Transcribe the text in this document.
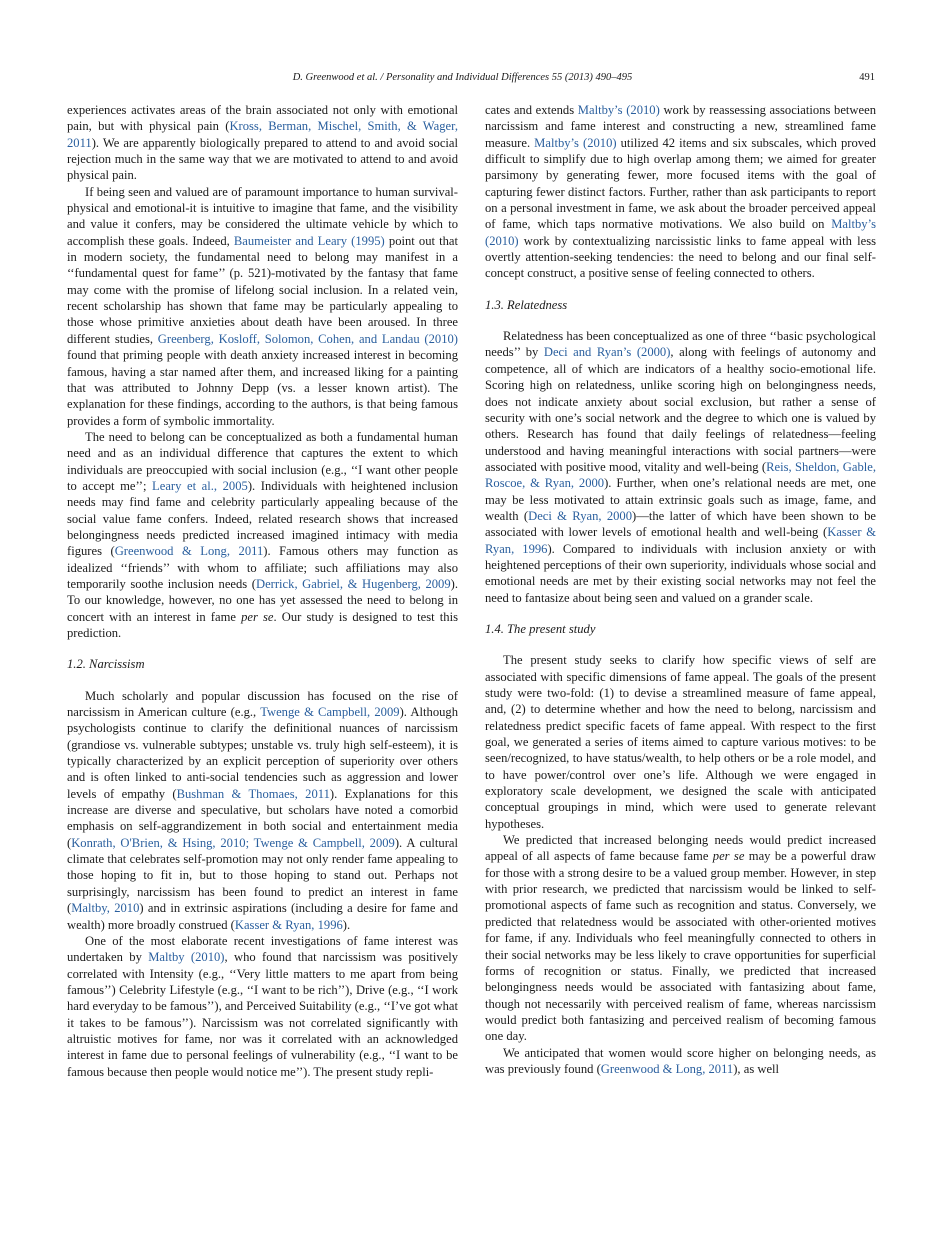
D. Greenwood et al. / Personality and Individual Differences 55 (2013) 490–495	491

experiences activates areas of the brain associated not only with emotional pain, but with physical pain (Kross, Berman, Mischel, Smith, & Wager, 2011). We are apparently biologically prepared to attend to and avoid social rejection much in the same way that we are motivated to attend to and avoid physical pain.

If being seen and valued are of paramount importance to human survival-physical and emotional-it is intuitive to imagine that fame, and the visibility and value it confers, may be considered the ultimate vehicle by which to accomplish these goals. Indeed, Baumeister and Leary (1995) point out that in modern society, the fundamental need to belong may manifest in a ‘‘fundamental quest for fame’’ (p. 521)-motivated by the fantasy that fame may come with the promise of lifelong social inclusion. In a related vein, recent scholarship has shown that fame may be particularly appealing to those whose primitive anxieties about death have been aroused. In three different studies, Greenberg, Kosloff, Solomon, Cohen, and Landau (2010) found that priming people with death anxiety increased interest in becoming famous, having a star named after them, and increased liking for a painting that was attributed to Johnny Depp (vs. a lesser known artist). The explanation for these findings, according to the authors, is that being famous provides a form of symbolic immortality.

The need to belong can be conceptualized as both a fundamental human need and as an individual difference that captures the extent to which individuals are preoccupied with social inclusion (e.g., ‘‘I want other people to accept me’’; Leary et al., 2005). Individuals with heightened inclusion needs may find fame and celebrity particularly appealing because of the social value fame confers. Indeed, related research shows that increased belongingness needs predicted increased imagined intimacy with media figures (Greenwood & Long, 2011). Famous others may function as idealized ‘‘friends’’ with whom to affiliate; such affiliations may also temporarily soothe inclusion needs (Derrick, Gabriel, & Hugenberg, 2009). To our knowledge, however, no one has yet assessed the need to belong in concert with an interest in fame per se. Our study is designed to test this prediction.

1.2. Narcissism

Much scholarly and popular discussion has focused on the rise of narcissism in American culture (e.g., Twenge & Campbell, 2009). Although psychologists continue to clarify the definitional nuances of narcissism (grandiose vs. vulnerable subtypes; unstable vs. truly high self-esteem), it is typically characterized by an explicit perception of superiority over others and is often linked to anti-social tendencies such as aggression and lower levels of empathy (Bushman & Thomaes, 2011). Explanations for this increase are diverse and speculative, but scholars have noted a comorbid emphasis on self-aggrandizement in both social and entertainment media (Konrath, O'Brien, & Hsing, 2010; Twenge & Campbell, 2009). A cultural climate that celebrates self-promotion may not only render fame appealing to those hoping to fit in, but to those hoping to stand out. Perhaps not surprisingly, narcissism has been found to predict an interest in fame (Maltby, 2010) and in extrinsic aspirations (including a desire for fame and wealth) more broadly construed (Kasser & Ryan, 1996).

One of the most elaborate recent investigations of fame interest was undertaken by Maltby (2010), who found that narcissism was positively correlated with Intensity (e.g., ‘‘Very little matters to me apart from being famous’’) Celebrity Lifestyle (e.g., ‘‘I want to be rich’’), Drive (e.g., ‘‘I work hard everyday to be famous’’), and Perceived Suitability (e.g., ‘‘I’ve got what it takes to be famous’’). Narcissism was not correlated significantly with altruistic motives for fame, nor was it correlated with an acknowledged interest in fame due to personal feelings of vulnerability (e.g., ‘‘I want to be famous because then people would notice me’’). The present study repli-

cates and extends Maltby’s (2010) work by reassessing associations between narcissism and fame interest and constructing a new, streamlined fame measure. Maltby’s (2010) utilized 42 items and six subscales, which proved difficult to simplify due to high overlap among them; we aimed for greater parsimony by generating fewer, more focused items with the goal of capturing fewer distinct factors. Further, rather than ask participants to report on a personal investment in fame, we ask about the broader perceived appeal of fame, which taps normative motivations. We also build on Maltby’s (2010) work by contextualizing narcissistic links to fame appeal with less overtly attention-seeking tendencies: the need to belong and our final self-concept construct, a positive sense of feeling connected to others.

1.3. Relatedness

Relatedness has been conceptualized as one of three ‘‘basic psychological needs’’ by Deci and Ryan’s (2000), along with feelings of autonomy and competence, all of which are indicators of a healthy socio-emotional life. Scoring high on relatedness, unlike scoring high on belongingness needs, does not indicate anxiety about social exclusion, but rather a sense of security with one’s social network and the degree to which one is valued by others. Research has found that daily feelings of relatedness—feeling understood and having meaningful interactions with social partners—were associated with positive mood, vitality and well-being (Reis, Sheldon, Gable, Roscoe, & Ryan, 2000). Further, when one’s relational needs are met, one may be less motivated to attain extrinsic goals such as image, fame, and wealth (Deci & Ryan, 2000)—the latter of which have been shown to be associated with lower levels of emotional health and well-being (Kasser & Ryan, 1996). Compared to individuals with inclusion anxiety or with heightened perceptions of their own superiority, individuals whose social and emotional needs are met by their existing social networks may not feel the need to fantasize about being seen and valued on a grander scale.

1.4. The present study

The present study seeks to clarify how specific views of self are associated with specific dimensions of fame appeal. The goals of the present study were two-fold: (1) to devise a streamlined measure of fame appeal, and, (2) to determine whether and how the need to belong, narcissism and relatedness predict specific facets of fame appeal. With respect to the first goal, we generated a series of items aimed to capture various motives: to be seen/recognized, to have status/wealth, to help others or be a role model, and to have power/control over one’s life. Although we were engaged in exploratory scale development, we designed the scale with anticipated conceptual groupings in mind, which were used to generate relevant hypotheses.

We predicted that increased belonging needs would predict increased appeal of all aspects of fame because fame per se may be a powerful draw for those with a strong desire to be a valued group member. However, in step with prior research, we predicted that narcissism would be linked to self-promotional aspects of fame such as recognition and status. Conversely, we predicted that relatedness would be associated with other-oriented motives for fame, if any. Individuals who feel meaningfully connected to others in their social networks may be less likely to crave opportunities for superficial forms of recognition or status. Finally, we predicted that increased belongingness needs would be associated with fantasizing about fame, though not necessarily with perceived realism of fame, whereas narcissism would predict both fantasizing and perceived realism of becoming famous one day.

We anticipated that women would score higher on belonging needs, as was previously found (Greenwood & Long, 2011), as well
